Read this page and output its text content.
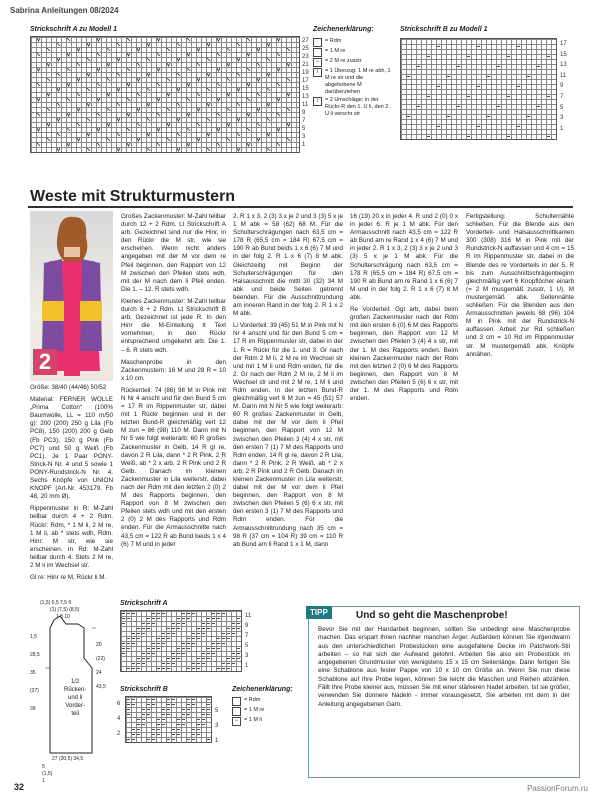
Sabrina Anleitungen 08/2024
Strickschrift A zu Modell 1
27
25
23
21
19
17
15
13
11
9
7
5
3
1
Zeichenerklärung:
= Rdm
= 1 M re
−	= 2 M re zusstr
\	= 1 Überzug: 1 M re abh, 1 M re str und die abgehobene M darüberziehen
↕	= 2 Umschläge; in der Rückr-R den 1. U li, den 2. U li verschr str
Strickschrift B zu Modell 1
17
15
13
11
9
7
5
3
1
Weste mit Strukturmustern
2

Größe: 38/40 (44/46) 50/52

Material: FERNER WOLLE „Prima Cotton“ (100% Baumwolle, LL = 110 m/50 g): 200 (200) 250 g Lila (Fb PC8), 150 (200) 200 g Gelb (Fb PC3), 150 g Pink (Fb PC7) und 50 g Weiß (Fb PC1). Je 1 Paar PONY-Strick-N Nr. 4 und 5 sowie 1 PONY-Rundstrick-N Nr. 4. Sechs Knöpfe von UNION KNOPF (Art-Nr. 453179, Fb 48, 20 mm Ø).

Rippenmuster in R: M-Zahl teilbar durch 4 + 2 Rdm. Rückr: Rdm, * 1 M li, 2 M re, 1 M li, ab * stets wdh, Rdm. Hinr: M str, wie sie erscheinen. In Rd: M-Zahl teilbar durch 4. Stets 2 M re, 2 M li im Wechsel str.

Gl re: Hinr re M, Rückr li M.

Großes Zackenmuster: M-Zahl teilbar durch 12 + 2 Rdm. Lt Strickschrift A arb. Gezeichnet sind nur die Hinr, in den Rückr die M str, wie sie erscheinen. Wenn nicht anders angegeben mit der M vor dem re Pfeil beginnen, den Rapport von 12 M zwischen den Pfeilen stets wdh, mit der M nach dem li Pfeil enden. Die 1. – 12. R stets wdh.

Kleines Zackenmuster: M-Zahl teilbar durch 8 + 2 Rdm. Lt Strickschrift B arb. Gezeichnet ist jede R. In den Hinr die M-Einteilung lt Text vornehmen, in den Rückr entsprechend umgekehrt arb. Die 1. – 6. R stets wdh.

Maschenprobe in den Zackenmustern: 16 M und 28 R = 10 x 10 cm.

Rückenteil: 74 (86) 98 M in Pink mit N Nr 4 anschl und für den Bund 5 cm = 17 R im Rippenmuster str, dabei mit 1 Rückr beginnen und in der letzten Bund-R gleichmäßig vert 12 M zun = 86 (98) 110 M. Dann mit N Nr 5 wie folgt weiterarb: 60 R großes Zackenmuster in Gelb, 14 R gl re, davon 2 R Lila, dann * 2 R Pink, 2 R Weiß, ab * 2 x arb, 2 R Pink und 2 R Gelb. Danach im kleinen Zackenmuster in Lila weiterstr, dabei nach der Rdm mit den letzten 2 (0) 2 M des Rapports beginnen, den Rapport von 8 M zwischen den Pfeilen stets wdh und mit den ersten 2 (0) 2 M des Rapports und Rdm enden. Für die Armausschnitte nach 43,5 cm = 122 R ab Bund beids 1 x 4 (6) 7 M und in jeder

2. R 1 x 3, 2 (3) 3 x je 2 und 3 (3) 5 x je 1 M abk = 58 (62) 68 M. Für die Schulterschrägungen nach 63,5 cm = 178 R (65,5 cm = 184 R) 67,5 cm = 190 R ab Bund beids 1 x 6 (6) 7 M und in der folg 2. R 1 x 6 (7) 8 M abk. Gleichzeitig mit Beginn der Schulterschrägungen für den Halsausschnitt die mittl 30 (32) 34 M abk und beide Seiten getrennt beenden. Für die Ausschnittrundung am inneren Rand in der folg 2. R 1 x 2 M abk.

Li Vorderteil: 39 (45) 51 M in Pink mit N Nr 4 anschl und für den Bund 5 cm = 17 R im Rippenmuster str, dabei in der 1. R = Rückr für die 1. und 3. Gr nach der Rdm 2 M li, 2 M re im Wechsel str und mit 1 M li und Rdm enden, für die 2. Gr nach der Rdm 2 M re, 2 M li im Wechsel str und mit 2 M re, 1 M li und Rdm enden. In der letzten Bund-R gleichmäßig vert 6 M zun = 45 (51) 57 M. Dann mit N Nr 5 wie folgt weiterarb: 60 R großes Zackenmuster in Gelb, dabei mit der M vor dem li Pfeil beginnen, den Rapport von 12 M zwischen den Pfeilen 3 (4) 4 x str, mit den ersten 7 (1) 7 M des Rapports und Rdm enden, 14 R gl re, davon 2 R Lila, dann * 2 R Pink, 2 R Weiß, ab * 2 x arb, 2 R Pink und 2 R Gelb. Danach im kleinen Zackenmuster in Lila weiterstr, dabei mit der M vor dem li Pfeil beginnen, den Rapport von 8 M zwischen den Pfeilen 5 (6) 6 x str, mit den ersten 3 (1) 7 M des Rapports und Rdm enden. Für die Armausschnittrundung nach 35 cm = 98 R (37 cm = 104 R) 39 cm = 110 R ab Bund am li Rand 1 x 1 M, dann

16 (19) 20 x in jeder 4. R und 2 (0) 0 x in jeder 6. R je 1 M abk. Für den Armausschnitt nach 43,5 cm = 122 R ab Bund am re Rand 1 x 4 (6) 7 M und in jeder 2. R 1 x 3, 2 (3) 3 x je 2 und 3 (3) 5 x je 1 M abk. Für die Schulterschrägung nach 63,5 cm = 178 R (65,5 cm = 184 R) 67,5 cm = 190 R ab Bund am re Rand 1 x 6 (6) 7 M und in der folg 2. R 1 x 6 (7) 8 M abk.

Re Vorderteil: Ggl arb, dabei beim großen Zackenmuster nach der Rdm mit den ersten 6 (0) 6 M des Rapports beginnen, den Rapport von 12 M zwischen den Pfeilen 3 (4) 4 x str, mit der 1. M des Rapports enden. Beim kleinen Zackenmuster nach der Rdm mit den letzten 2 (0) 6 M des Rapports beginnen, den Rapport von 8 M zwischen den Pfeilen 5 (6) 6 x str, mit der 1. M des Rapports und Rdm enden.

Fertigstellung: Schulternähte schließen. Für die Blende aus den Vorderteil- und Halsausschnittkanten 300 (308) 316 M in Pink mit der Rundstrick-N auffassen und 4 cm = 15 R im Rippenmuster str, dabei in die Blende des re Vorderteils in der 5. R bis zum Ausschnittschrägenbeginn gleichmäßig vert 6 Knopflöcher einarb (= 2 M musgemäß zusstr, 1 U). M mustergemäß abk. Seitennähte schließen. Für die Blenden aus den Armausschnitten jeweils 88 (96) 104 M in Pink mit der Rundstrick-N auffassen. Arbeit zur Rd schließen und 3 cm = 10 Rd im Rippenmuster str. M mustergemäß abk. Knöpfe annähen.

(1,5) 0,5 7,5 9
(1) (7,5) (8,5)
1 8 10
1,5
28,5
35
(37)
39
20
(22)
24
43,5
1/2
Rücken-
und li
Vorder-
teil
27 (30,5) 34,5
5
(1,5)
1
Strickschrift A
11
9
7
5
3
1
Strickschrift B
6
4
2
5
3
1
Zeichenerklärung:
= Rdm
= 1 M re
−	= 1 M li
TIPP	Und so geht die Maschenprobe!
Bevor Sie mit der Handarbeit beginnen, sollten Sie unbedingt eine Maschenprobe machen. Das erspart Ihnen nachher manchen Ärger. Außerdem können Sie irgendwann aus den unterschiedlichen Probestücken eine ausgefallene Decke im Patchwork-Stil arbeiten – so hat sich der Aufwand gelohnt. Arbeiten Sie also ein Probestück im angegebenen Grundmuster von wenigstens 15 x 15 cm Seitenlänge. Dann fertigen Sie eine Schablone aus fester Pappe von 10 x 10 cm Größe an. Wenn Sie nun diese Schablone auf Ihre Probe legen, können Sie leicht die Maschen und Reihen abzählen. Fällt Ihre Probe kleiner aus, müssen Sie mit einer stärkeren Nadel arbeiten. Ist sie größer, verwenden Sie dünnere Nadeln - immer vorausgesetzt, Sie arbeiten mit dem in der Anleitung angegebenen Garn.
32	PassionForum.ru
